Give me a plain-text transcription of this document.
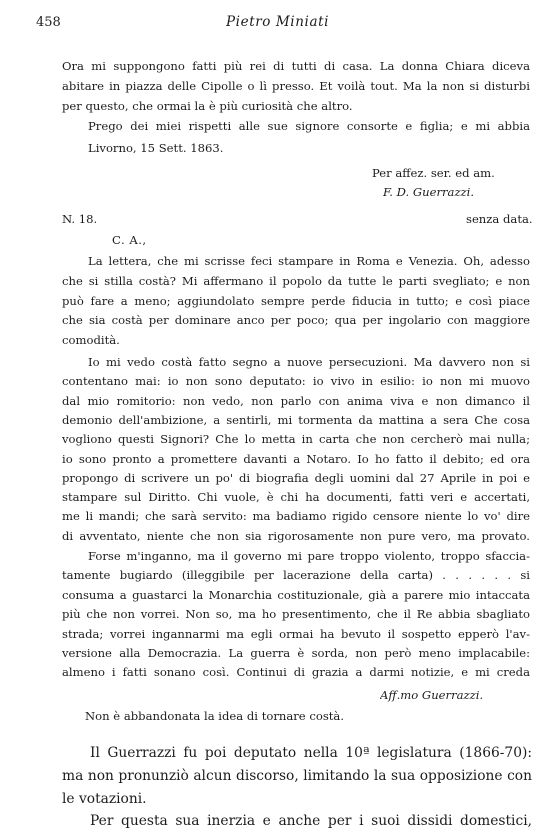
458	Pietro Miniati
Ora mi suppongono fatti più rei di tutti di casa. La donna Chiara diceva
abitare in piazza delle Cipolle o lì presso. Et voilà tout. Ma la non si disturbi
per questo, che ormai la è più curiosità che altro.
Prego dei miei rispetti alle sue signore consorte e figlia; e mi abbia
Livorno, 15 Sett. 1863.
Per affez. ser. ed am.
F. D. Guerrazzi.
N. 18.	senza data.
C. A.,
La lettera, che mi scrisse feci stampare in Roma e Venezia. Oh, adesso
che si stilla costà? Mi affermano il popolo da tutte le parti svegliato; e non
può fare a meno; aggiundolato sempre perde fiducia in tutto; e così piace
che sia costà per dominare anco per poco; qua per ingolario con maggiore
comodità.
Io mi vedo costà fatto segno a nuove persecuzioni. Ma davvero non si
contentano mai: io non sono deputato: io vivo in esilio: io non mi muovo
dal mio romitorio: non vedo, non parlo con anima viva e non dimanco il
demonio dell'ambizione, a sentirli, mi tormenta da mattina a sera Che cosa
vogliono questi Signori? Che lo metta in carta che non cercherò mai nulla;
io sono pronto a promettere davanti a Notaro. Io ho fatto il debito; ed ora
propongo di scrivere un po' di biografia degli uomini dal 27 Aprile in poi e
stampare sul Diritto. Chi vuole, è chi ha documenti, fatti veri e accertati,
me li mandi; che sarà servito: ma badiamo rigido censore niente lo vo' dire
di avventato, niente che non sia rigorosamente non pure vero, ma provato.
Forse m'inganno, ma il governo mi pare troppo violento, troppo sfaccia-
tamente bugiardo (illeggibile per lacerazione della carta) . . . . . . si
consuma a guastarci la Monarchia costituzionale, già a parere mio intaccata
più che non vorrei. Non so, ma ho presentimento, che il Re abbia sbagliato
strada; vorrei ingannarmi ma egli ormai ha bevuto il sospetto epperò l'av-
versione alla Democrazia. La guerra è sorda, non però meno implacabile:
almeno i fatti sonano così. Continui di grazia a darmi notizie, e mi creda
Aff.mo Guerrazzi.
Non è abbandonata la idea di tornare costà.
Il Guerrazzi fu poi deputato nella 10ª legislatura (1866-70):
ma non pronunziò alcun discorso, limitando la sua opposizione con
le votazioni.
Per questa sua inerzia e anche per i suoi dissidi domestici,
